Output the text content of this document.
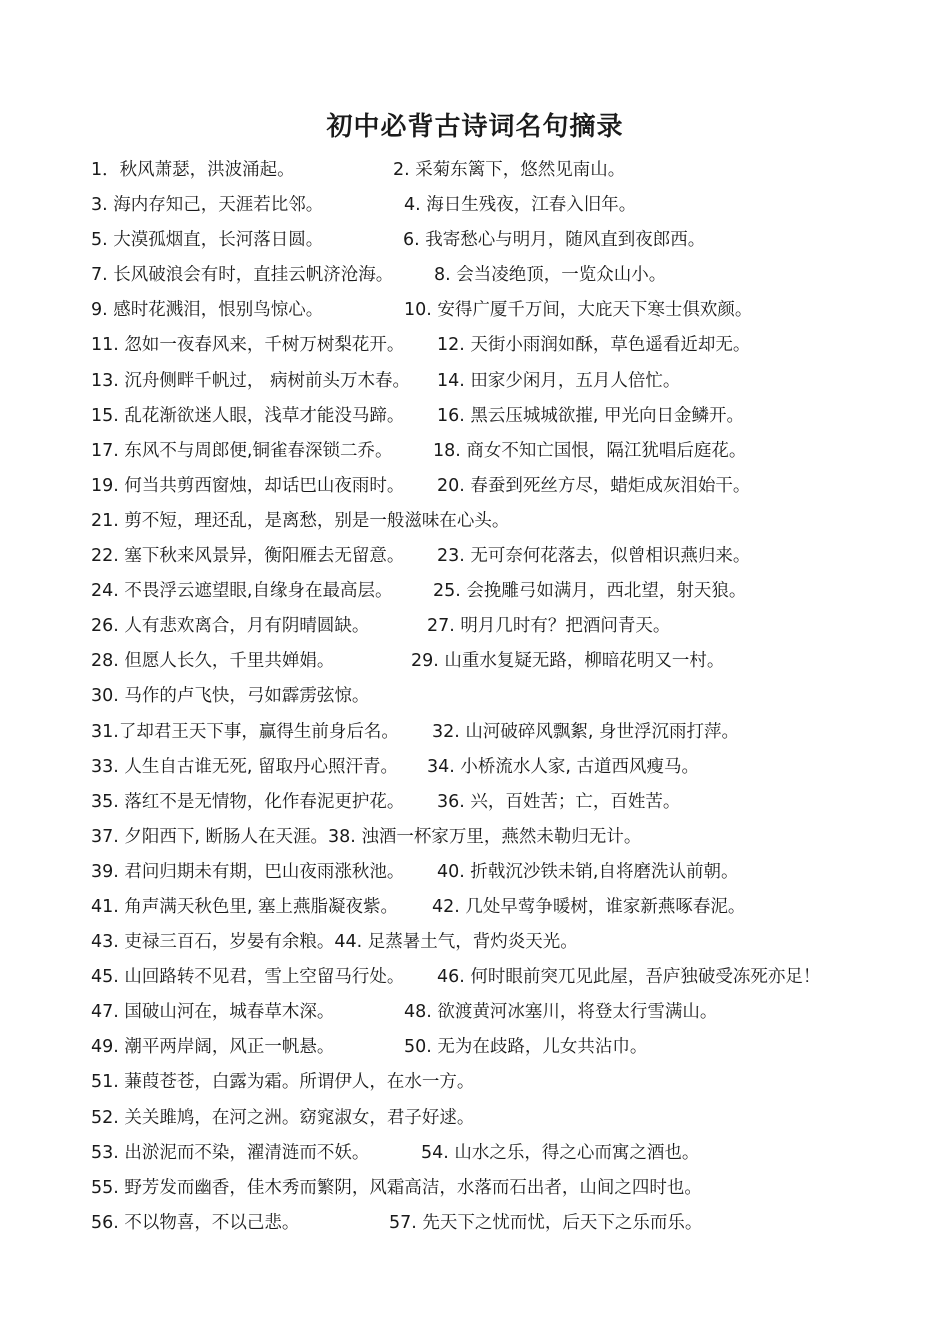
初中必背古诗词名句摘录
1．秋风萧瑟，洪波涌起。	2. 采菊东篱下，悠然见南山。
3. 海内存知己，天涯若比邻。	4. 海日生残夜，江春入旧年。
5. 大漠孤烟直，长河落日圆。	6. 我寄愁心与明月，随风直到夜郎西。
7. 长风破浪会有时，直挂云帆济沧海。 8. 会当凌绝顶，一览众山小。
9. 感时花溅泪，恨别鸟惊心。	10. 安得广厦千万间，大庇天下寒士俱欢颜。
11. 忽如一夜春风来，千树万树梨花开。 12. 天街小雨润如酥，草色遥看近却无。
13. 沉舟侧畔千帆过， 病树前头万木春。 14. 田家少闲月，五月人倍忙。
15. 乱花渐欲迷人眼，浅草才能没马蹄。 16. 黑云压城城欲摧, 甲光向日金鳞开。
17. 东风不与周郎便,铜雀春深锁二乔。 18. 商女不知亡国恨，隔江犹唱后庭花。
19. 何当共剪西窗烛，却话巴山夜雨时。 20. 春蚕到死丝方尽，蜡炬成灰泪始干。
21. 剪不短，理还乱，是离愁，别是一般滋味在心头。
22. 塞下秋来风景异，衡阳雁去无留意。 23. 无可奈何花落去，似曾相识燕归来。
24. 不畏浮云遮望眼,自缘身在最高层。 25. 会挽雕弓如满月，西北望，射天狼。
26. 人有悲欢离合，月有阴晴圆缺。	27. 明月几时有？把酒问青天。
28. 但愿人长久，千里共婵娟。	29. 山重水复疑无路，柳暗花明又一村。
30. 马作的卢飞快，弓如霹雳弦惊。
31.了却君王天下事，赢得生前身后名。 32. 山河破碎风飘絮, 身世浮沉雨打萍。
33. 人生自古谁无死, 留取丹心照汗青。 34. 小桥流水人家, 古道西风瘦马。
35. 落红不是无情物，化作春泥更护花。 36. 兴，百姓苦；亡，百姓苦。
37. 夕阳西下, 断肠人在天涯。38. 浊酒一杯家万里，燕然未勒归无计。
39. 君问归期未有期，巴山夜雨涨秋池。 40. 折戟沉沙铁未销,自将磨洗认前朝。
41. 角声满天秋色里, 塞上燕脂凝夜紫。 42. 几处早莺争暖树，谁家新燕啄春泥。
43. 吏禄三百石，岁晏有余粮。44. 足蒸暑土气，背灼炎天光。
45. 山回路转不见君，雪上空留马行处。 46. 何时眼前突兀见此屋，吾庐独破受冻死亦足！
47. 国破山河在，城春草木深。	48. 欲渡黄河冰塞川，将登太行雪满山。
49. 潮平两岸阔，风正一帆悬。	50. 无为在歧路，儿女共沾巾。
51. 蒹葭苍苍，白露为霜。所谓伊人，在水一方。
52. 关关雎鸠，在河之洲。窈窕淑女，君子好逑。
53. 出淤泥而不染，濯清涟而不妖。	54. 山水之乐，得之心而寓之酒也。
55. 野芳发而幽香，佳木秀而繁阴，风霜高洁，水落而石出者，山间之四时也。
56. 不以物喜，不以己悲。	57. 先天下之忧而忧，后天下之乐而乐。
